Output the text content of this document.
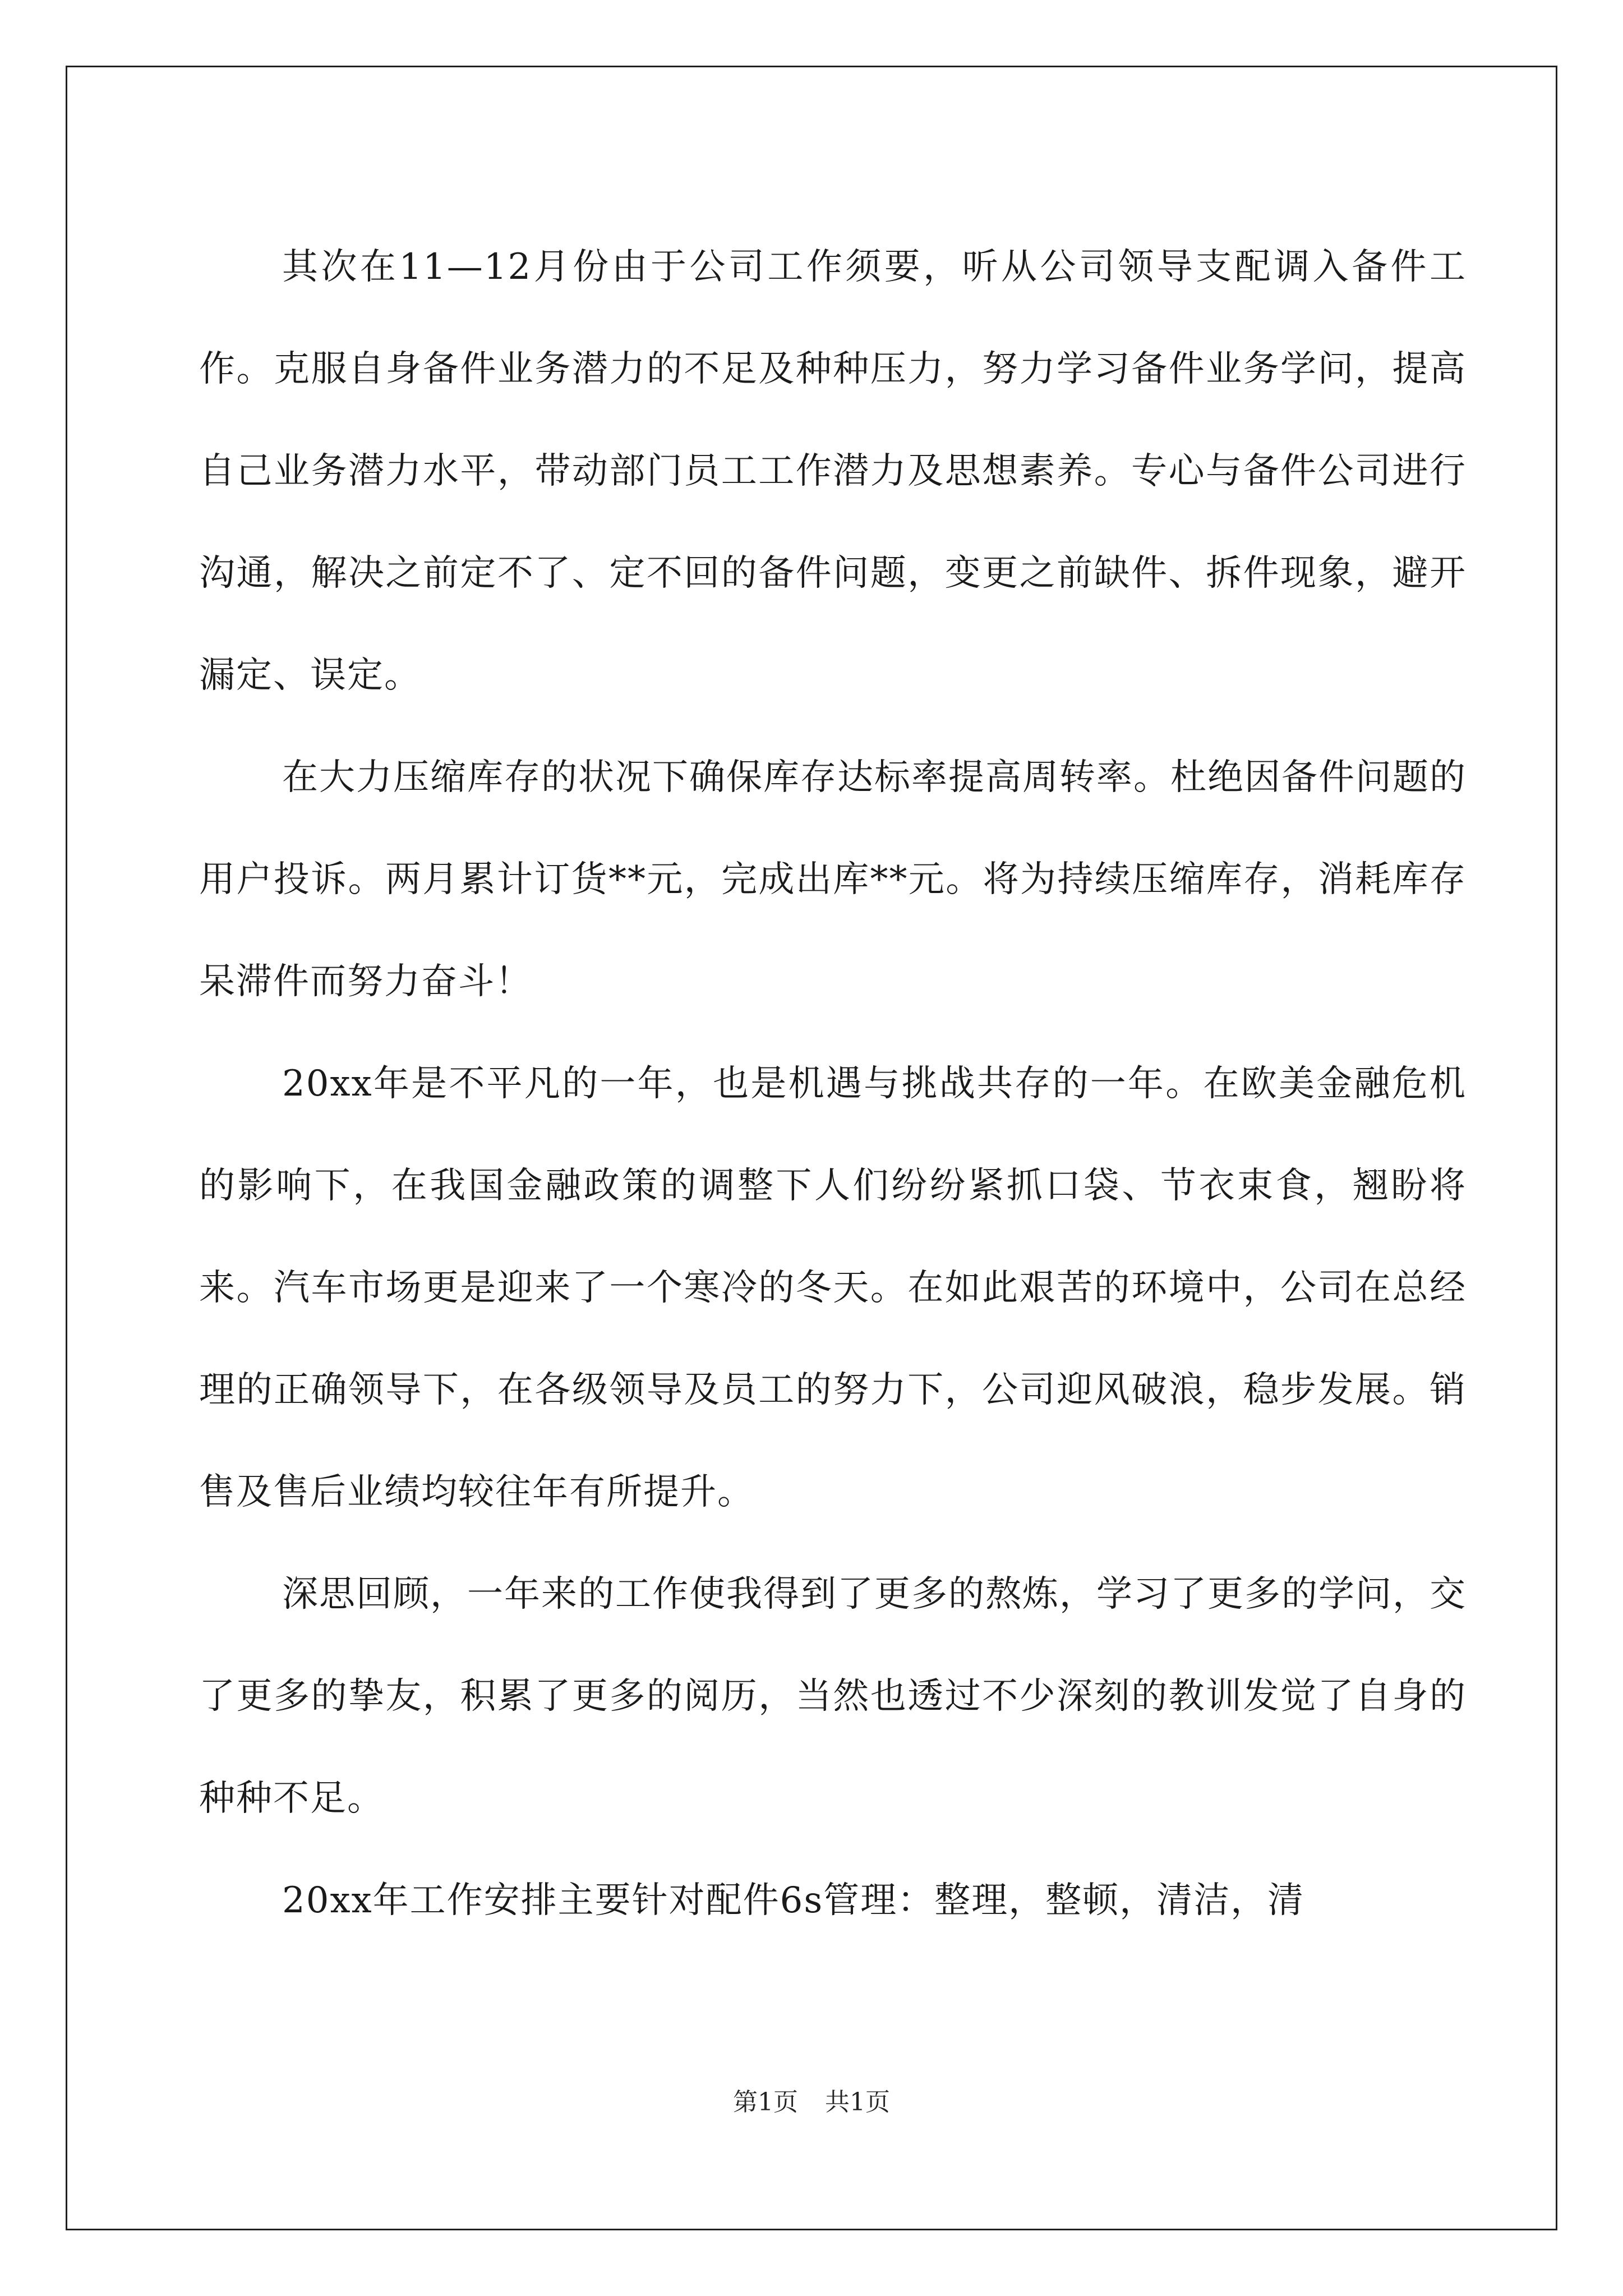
其次在11—12月份由于公司工作须要，听从公司领导支配调入备件工作。克服自身备件业务潜力的不足及种种压力，努力学习备件业务学问，提高自己业务潜力水平，带动部门员工工作潜力及思想素养。专心与备件公司进行沟通，解决之前定不了、定不回的备件问题，变更之前缺件、拆件现象，避开漏定、误定。

在大力压缩库存的状况下确保库存达标率提高周转率。杜绝因备件问题的用户投诉。两月累计订货**元，完成出库**元。将为持续压缩库存，消耗库存呆滞件而努力奋斗！

20xx年是不平凡的一年，也是机遇与挑战共存的一年。在欧美金融危机的影响下，在我国金融政策的调整下人们纷纷紧抓口袋、节衣束食，翘盼将来。汽车市场更是迎来了一个寒冷的冬天。在如此艰苦的环境中，公司在总经理的正确领导下，在各级领导及员工的努力下，公司迎风破浪，稳步发展。销售及售后业绩均较往年有所提升。

深思回顾，一年来的工作使我得到了更多的熬炼，学习了更多的学问，交了更多的挚友，积累了更多的阅历，当然也透过不少深刻的教训发觉了自身的种种不足。

20xx年工作安排主要针对配件6s管理：整理，整顿，清洁，清

第1页 共1页
